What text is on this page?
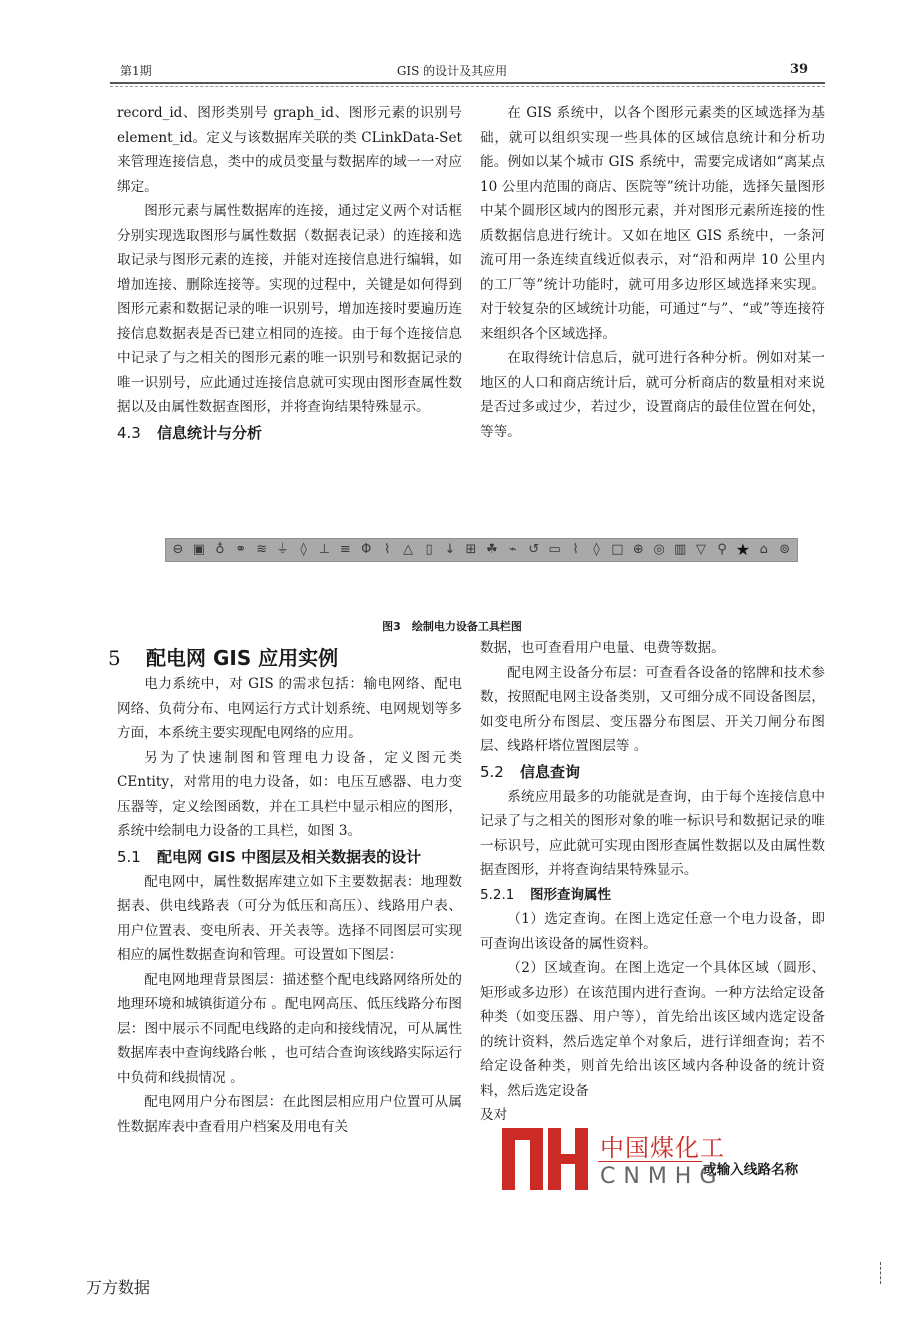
第1期	GIS 的设计及其应用	39

record_id、图形类别号 graph_id、图形元素的识别号 element_id。定义与该数据库关联的类 CLinkData-Set 来管理连接信息，类中的成员变量与数据库的域一一对应绑定。

图形元素与属性数据库的连接，通过定义两个对话框分别实现选取图形与属性数据（数据表记录）的连接和选取记录与图形元素的连接，并能对连接信息进行编辑，如增加连接、删除连接等。实现的过程中，关键是如何得到图形元素和数据记录的唯一识别号，增加连接时要遍历连接信息数据表是否已建立相同的连接。由于每个连接信息中记录了与之相关的图形元素的唯一识别号和数据记录的唯一识别号，应此通过连接信息就可实现由图形查属性数据以及由属性数据查图形，并将查询结果特殊显示。

4.3 信息统计与分析

在 GIS 系统中，以各个图形元素类的区域选择为基础，就可以组织实现一些具体的区域信息统计和分析功能。例如以某个城市 GIS 系统中，需要完成诸如“离某点 10 公里内范围的商店、医院等”统计功能，选择矢量图形中某个圆形区域内的图形元素，并对图形元素所连接的性质数据信息进行统计。又如在地区 GIS 系统中，一条河流可用一条连续直线近似表示，对“沿和两岸 10 公里内的工厂等”统计功能时，就可用多边形区域选择来实现。对于较复杂的区域统计功能，可通过“与”、“或”等连接符来组织各个区域选择。

在取得统计信息后，就可进行各种分析。例如对某一地区的人口和商店统计后，就可分析商店的数量相对来说是否过多或过少，若过少，设置商店的最佳位置在何处，等等。

⊖ ▣ ♁ ⚭ ≋ ⏚ ◊ ⊥ ≡ Φ ⌇ △ ▯ ↓ ⊞ ☘ ⌁ ↺ ▭ ⌇	◊ □ ⊕ ◎ ▥ ▽ ⚲ ★ ⌂ ⊚
图3　绘制电力设备工具栏图
5 配电网 GIS 应用实例

电力系统中，对 GIS 的需求包括：输电网络、配电网络、负荷分布、电网运行方式计划系统、电网规划等多方面，本系统主要实现配电网络的应用。

另为了快速制图和管理电力设备，定义图元类 CEntity，对常用的电力设备，如：电压互感器、电力变压器等，定义绘图函数，并在工具栏中显示相应的图形，系统中绘制电力设备的工具栏，如图 3。

5.1 配电网 GIS 中图层及相关数据表的设计

配电网中，属性数据库建立如下主要数据表：地理数据表、供电线路表（可分为低压和高压）、线路用户表、用户位置表、变电所表、开关表等。选择不同图层可实现相应的属性数据查询和管理。可设置如下图层：

配电网地理背景图层：描述整个配电线路网络所处的地理环境和城镇街道分布 。配电网高压、低压线路分布图层：图中展示不同配电线路的走向和接线情况，可从属性数据库表中查询线路台帐 ，也可结合查询该线路实际运行中负荷和线损情况 。

配电网用户分布图层：在此图层相应用户位置可从属性数据库表中查看用户档案及用电有关

数据，也可查看用户电量、电费等数据。

配电网主设备分布层：可查看各设备的铭牌和技术参数，按照配电网主设备类别，又可细分成不同设备图层，如变电所分布图层、变压器分布图层、开关刀闸分布图层、线路杆塔位置图层等 。

5.2 信息查询

系统应用最多的功能就是查询，由于每个连接信息中记录了与之相关的图形对象的唯一标识号和数据记录的唯一标识号，应此就可实现由图形查属性数据以及由属性数据查图形，并将查询结果特殊显示。

5.2.1 图形查询属性

（1）选定查询。在图上选定任意一个电力设备，即可查询出该设备的属性资料。

（2）区域查询。在图上选定一个具体区域（圆形、矩形或多边形）在该范围内进行查询。一种方法给定设备种类（如变压器、用户等），首先给出该区域内选定设备的统计资料，然后选定单个对象后，进行详细查询；若不给定设备种类，则首先给出该区域内各种设备的统计资料，然后选定设备

及对

中国煤化工
CNMHG
或输入线路名称
万方数据
